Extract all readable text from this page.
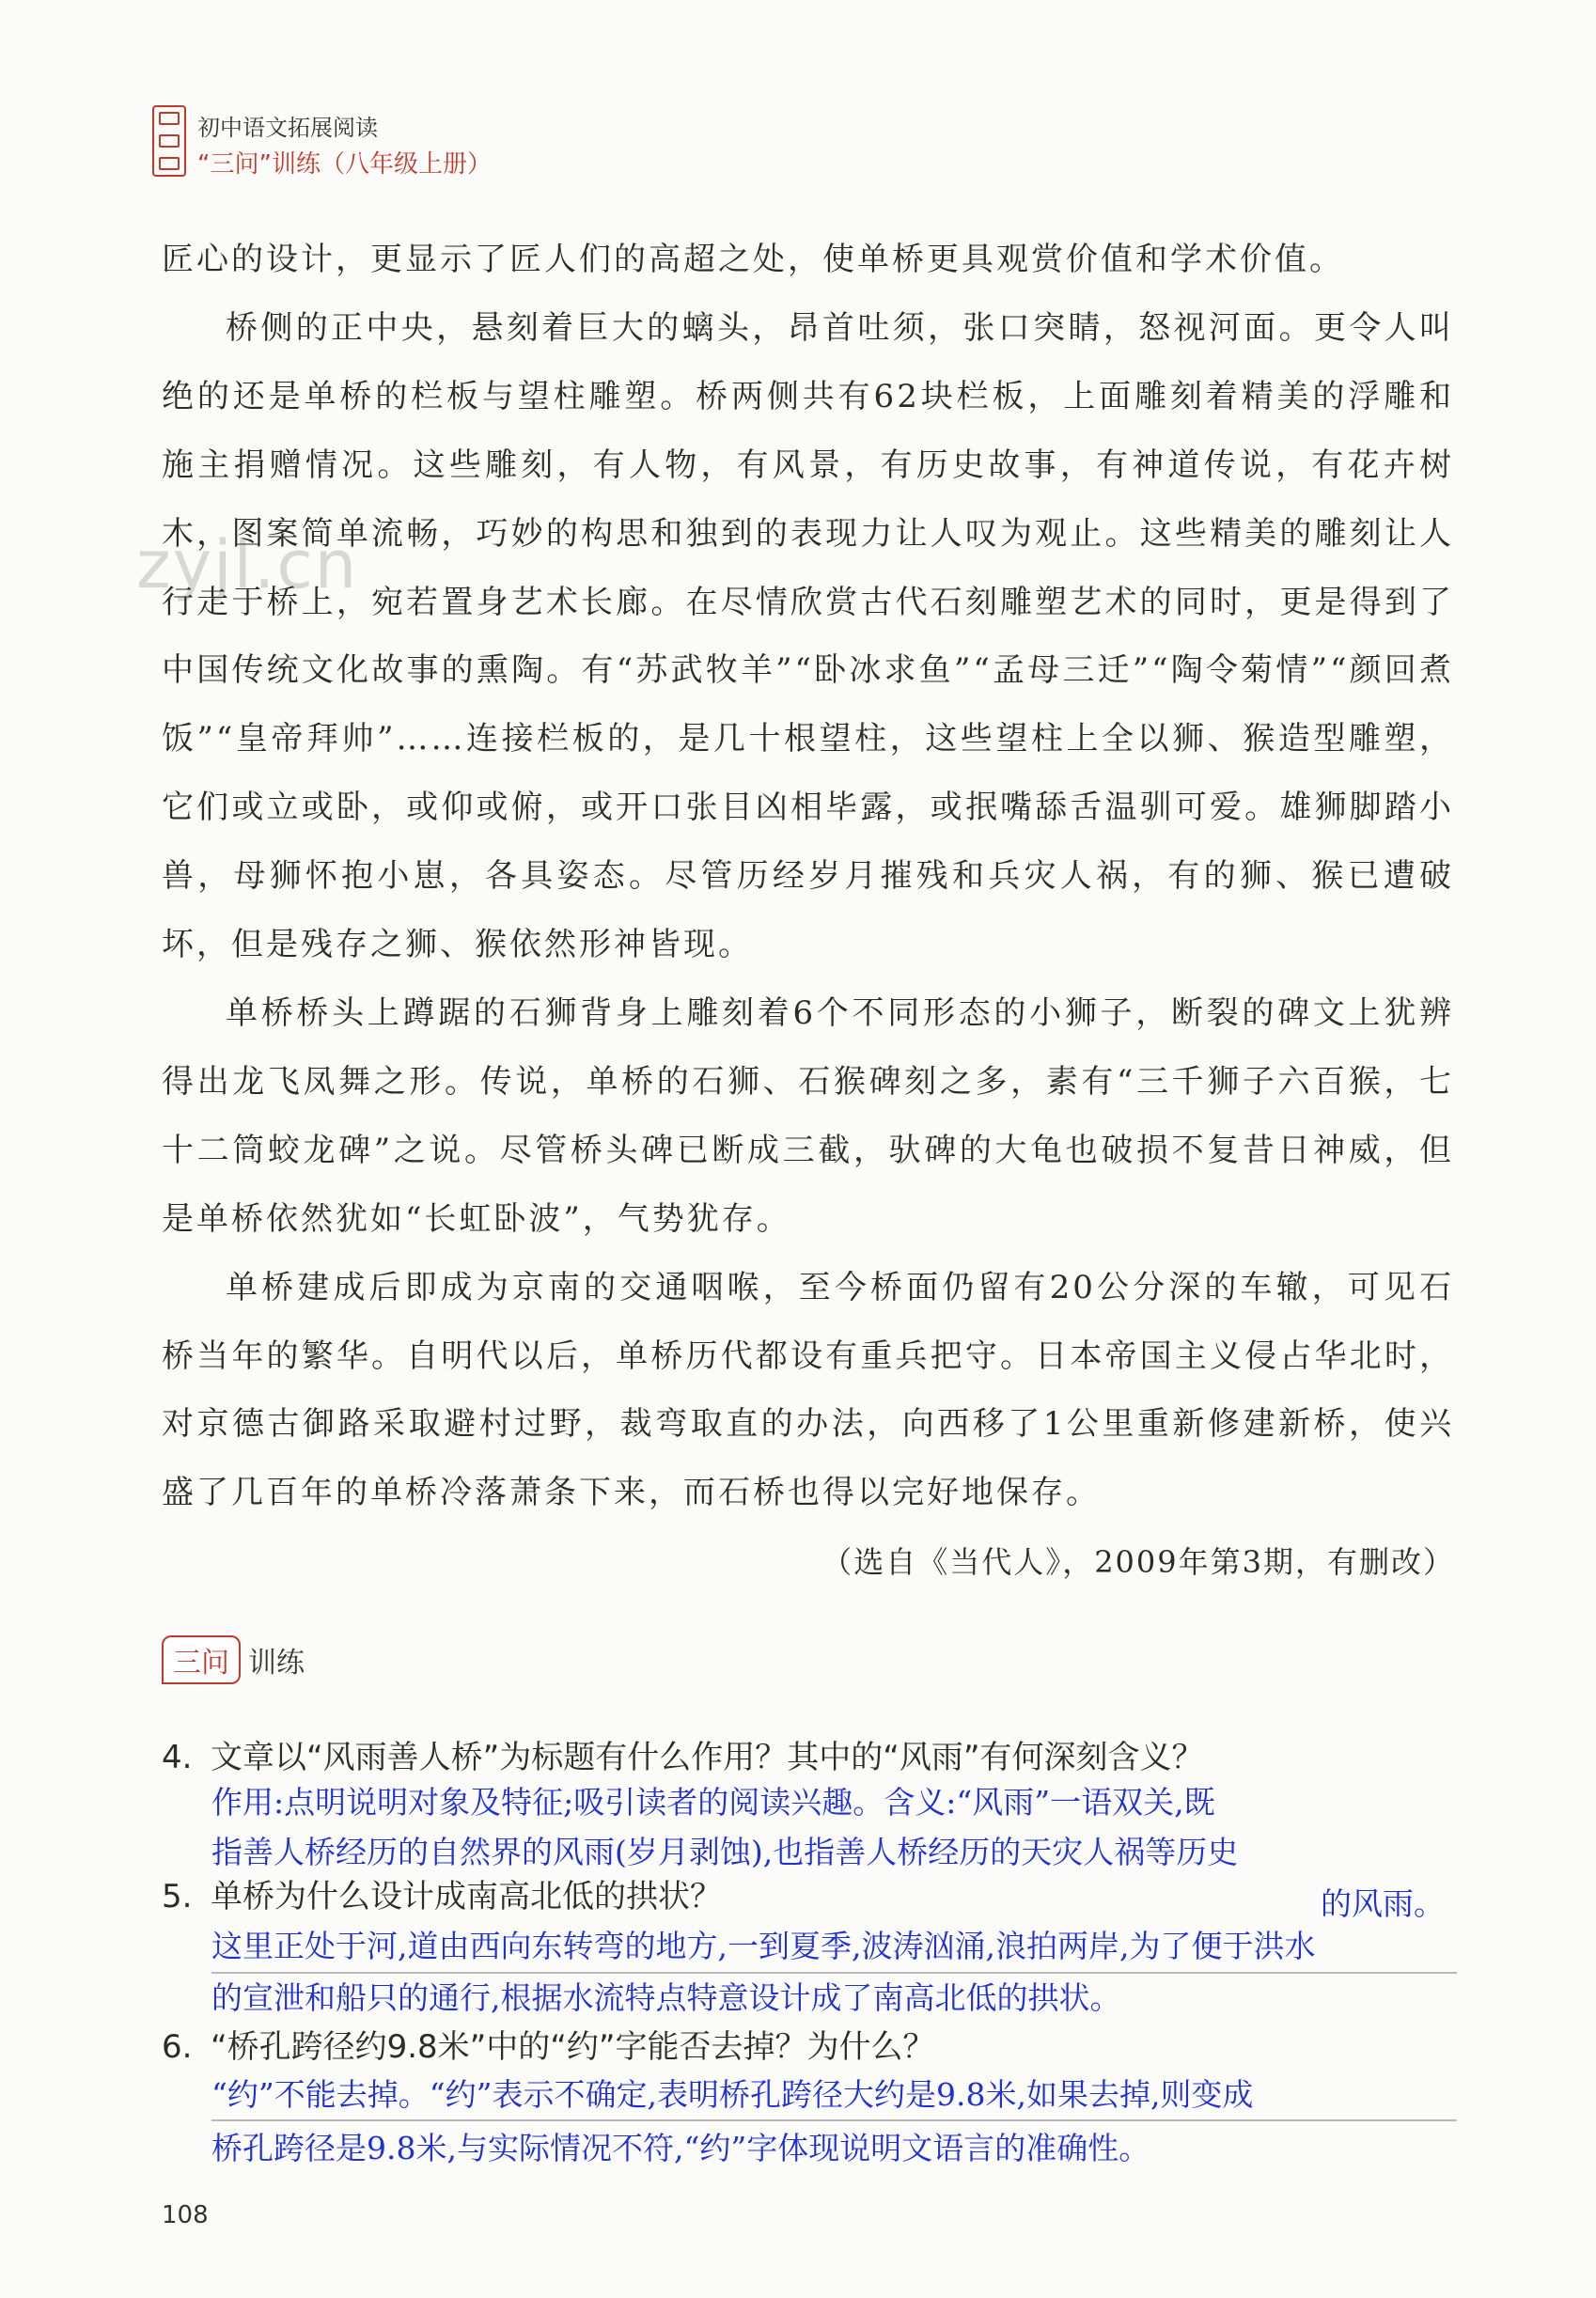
初中语文拓展阅读
“三问”训练（八年级上册）
zyjl.cn

匠心的设计，更显示了匠人们的高超之处，使单桥更具观赏价值和学术价值。

桥侧的正中央，悬刻着巨大的螭头，昂首吐须，张口突睛，怒视河面。更令人叫绝的还是单桥的栏板与望柱雕塑。桥两侧共有62块栏板，上面雕刻着精美的浮雕和施主捐赠情况。这些雕刻，有人物，有风景，有历史故事，有神道传说，有花卉树木，图案简单流畅，巧妙的构思和独到的表现力让人叹为观止。这些精美的雕刻让人行走于桥上，宛若置身艺术长廊。在尽情欣赏古代石刻雕塑艺术的同时，更是得到了中国传统文化故事的熏陶。有“苏武牧羊”“卧冰求鱼”“孟母三迁”“陶令菊情”“颜回煮饭”“皇帝拜帅”……连接栏板的，是几十根望柱，这些望柱上全以狮、猴造型雕塑，它们或立或卧，或仰或俯，或开口张目凶相毕露，或抿嘴舔舌温驯可爱。雄狮脚踏小兽，母狮怀抱小崽，各具姿态。尽管历经岁月摧残和兵灾人祸，有的狮、猴已遭破坏，但是残存之狮、猴依然形神皆现。

单桥桥头上蹲踞的石狮背身上雕刻着6个不同形态的小狮子，断裂的碑文上犹辨得出龙飞凤舞之形。传说，单桥的石狮、石猴碑刻之多，素有“三千狮子六百猴，七十二筒蛟龙碑”之说。尽管桥头碑已断成三截，驮碑的大龟也破损不复昔日神威，但是单桥依然犹如“长虹卧波”，气势犹存。

单桥建成后即成为京南的交通咽喉，至今桥面仍留有20公分深的车辙，可见石桥当年的繁华。自明代以后，单桥历代都设有重兵把守。日本帝国主义侵占华北时，对京德古御路采取避村过野，裁弯取直的办法，向西移了1公里重新修建新桥，使兴盛了几百年的单桥冷落萧条下来，而石桥也得以完好地保存。

（选自《当代人》，2009年第3期，有删改）
三问 训练
4. 文章以“风雨善人桥”为标题有什么作用？其中的“风雨”有何深刻含义？
作用:点明说明对象及特征;吸引读者的阅读兴趣。含义:“风雨”一语双关,既
指善人桥经历的自然界的风雨(岁月剥蚀),也指善人桥经历的天灾人祸等历史
的风雨。
5. 单桥为什么设计成南高北低的拱状？
这里正处于河,道由西向东转弯的地方,一到夏季,波涛汹涌,浪拍两岸,为了便于洪水
的宣泄和船只的通行,根据水流特点特意设计成了南高北低的拱状。
6. “桥孔跨径约9.8米”中的“约”字能否去掉？为什么？
“约”不能去掉。“约”表示不确定,表明桥孔跨径大约是9.8米,如果去掉,则变成
桥孔跨径是9.8米,与实际情况不符,“约”字体现说明文语言的准确性。
108
